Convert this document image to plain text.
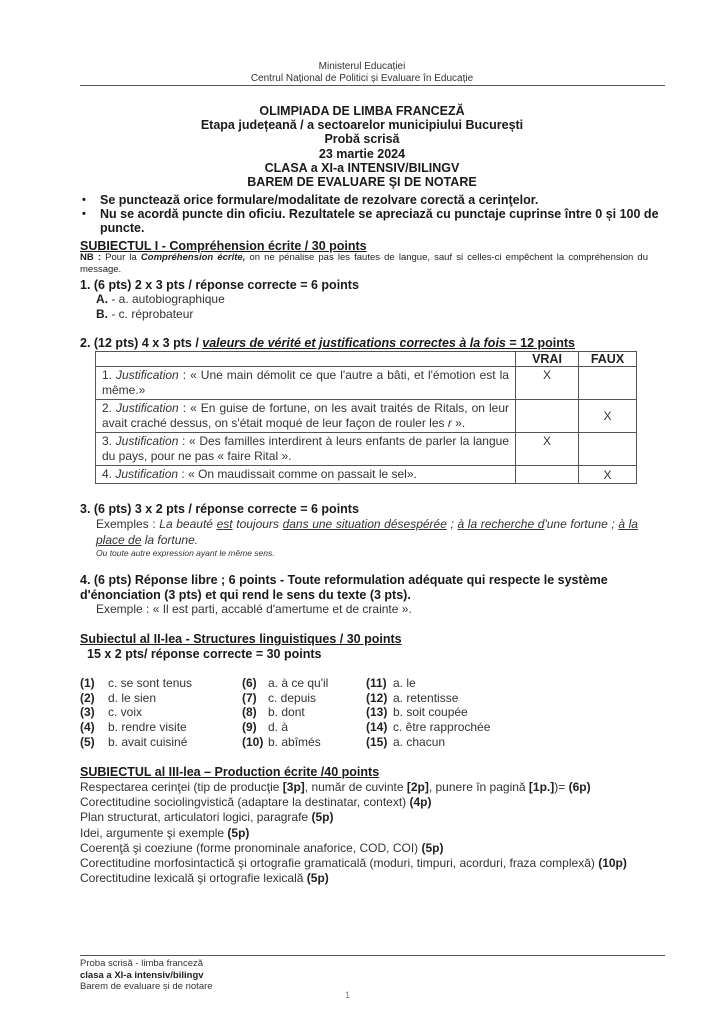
Ministerul Educației
Centrul Național de Politici și Evaluare în Educație
OLIMPIADA DE LIMBA FRANCEZĂ
Etapa județeană / a sectoarelor municipiului București
Probă scrisă
23 martie 2024
CLASA a XI-a INTENSIV/BILINGV
BAREM DE EVALUARE ŞI DE NOTARE
• Se punctează orice formulare/modalitate de rezolvare corectă a cerinţelor.
• Nu se acordă puncte din oficiu. Rezultatele se apreciază cu punctaje cuprinse între 0 și 100 de puncte.
SUBIECTUL I - Compréhension écrite / 30 points
NB : Pour la Compréhension écrite, on ne pénalise pas les fautes de langue, sauf si celles-ci empêchent la compréhension du message.
1. (6 pts) 2 x 3 pts / réponse correcte = 6 points
A. - a. autobiographique
B. - c. réprobateur
2. (12 pts) 4 x 3 pts / valeurs de vérité et justifications correctes à la fois = 12 points
	VRAI	FAUX
1. Justification : « Une main démolit ce que l'autre a bâti, et l'émotion est la même.»	X	
2. Justification : « En guise de fortune, on les avait traités de Ritals, on leur avait craché dessus, on s'était moqué de leur façon de rouler les r ».		X
3. Justification : « Des familles interdirent à leurs enfants de parler la langue du pays, pour ne pas « faire Rital ».	X	
4. Justification : « On maudissait comme on passait le sel».		X
3. (6 pts) 3 x 2 pts / réponse correcte = 6 points
Exemples : La beauté est toujours dans une situation désespérée ; à la recherche d'une fortune ; à la place de la fortune.
Ou toute autre expression ayant le même sens.
4. (6 pts) Réponse libre ; 6 points - Toute reformulation adéquate qui respecte le système d'énonciation (3 pts) et qui rend le sens du texte (3 pts).
Exemple : « Il est parti, accablé d'amertume et de crainte ».
Subiectul al II-lea - Structures linguistiques / 30 points
15 x 2 pts/ réponse correcte = 30 points
(1) c. se sont tenus
(2) d. le sien
(3) c. voix
(4) b. rendre visite
(5) b. avait cuisiné
(6) a. à ce qu'il
(7) c. depuis
(8) b. dont
(9) d. à
(10) b. abîmés
(11) a. le
(12) a. retentisse
(13) b. soit coupée
(14) c. être rapprochée
(15) a. chacun
SUBIECTUL al III-lea – Production écrite /40 points
Respectarea cerinţei (tip de producţie [3p], număr de cuvinte [2p], punere în pagină [1p.])= (6p)
Corectitudine sociolingvistică (adaptare la destinatar, context) (4p)
Plan structurat, articulatori logici, paragrafe (5p)
Idei, argumente şi exemple (5p)
Coerenţă şi coeziune (forme pronominale anaforice, COD, COI) (5p)
Corectitudine morfosintactică şi ortografie gramaticală (moduri, timpuri, acorduri, fraza complexă) (10p)
Corectitudine lexicală şi ortografie lexicală (5p)
Proba scrisă - limba franceză
clasa a XI-a intensiv/bilingv
Barem de evaluare și de notare
1
